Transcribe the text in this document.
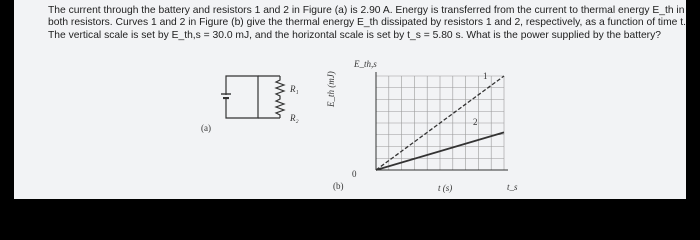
The current through the battery and resistors 1 and 2 in Figure (a) is 2.90 A. Energy is transferred from the current to thermal energy E_th in both resistors. Curves 1 and 2 in Figure (b) give the thermal energy E_th dissipated by resistors 1 and 2, respectively, as a function of time t. The vertical scale is set by E_th,s = 30.0 mJ, and the horizontal scale is set by t_s = 5.80 s. What is the power supplied by the battery?

(a)
R₁
R₂
E_th,s
E_th (mJ)
0
t (s)	t_s
(b)
1
2
